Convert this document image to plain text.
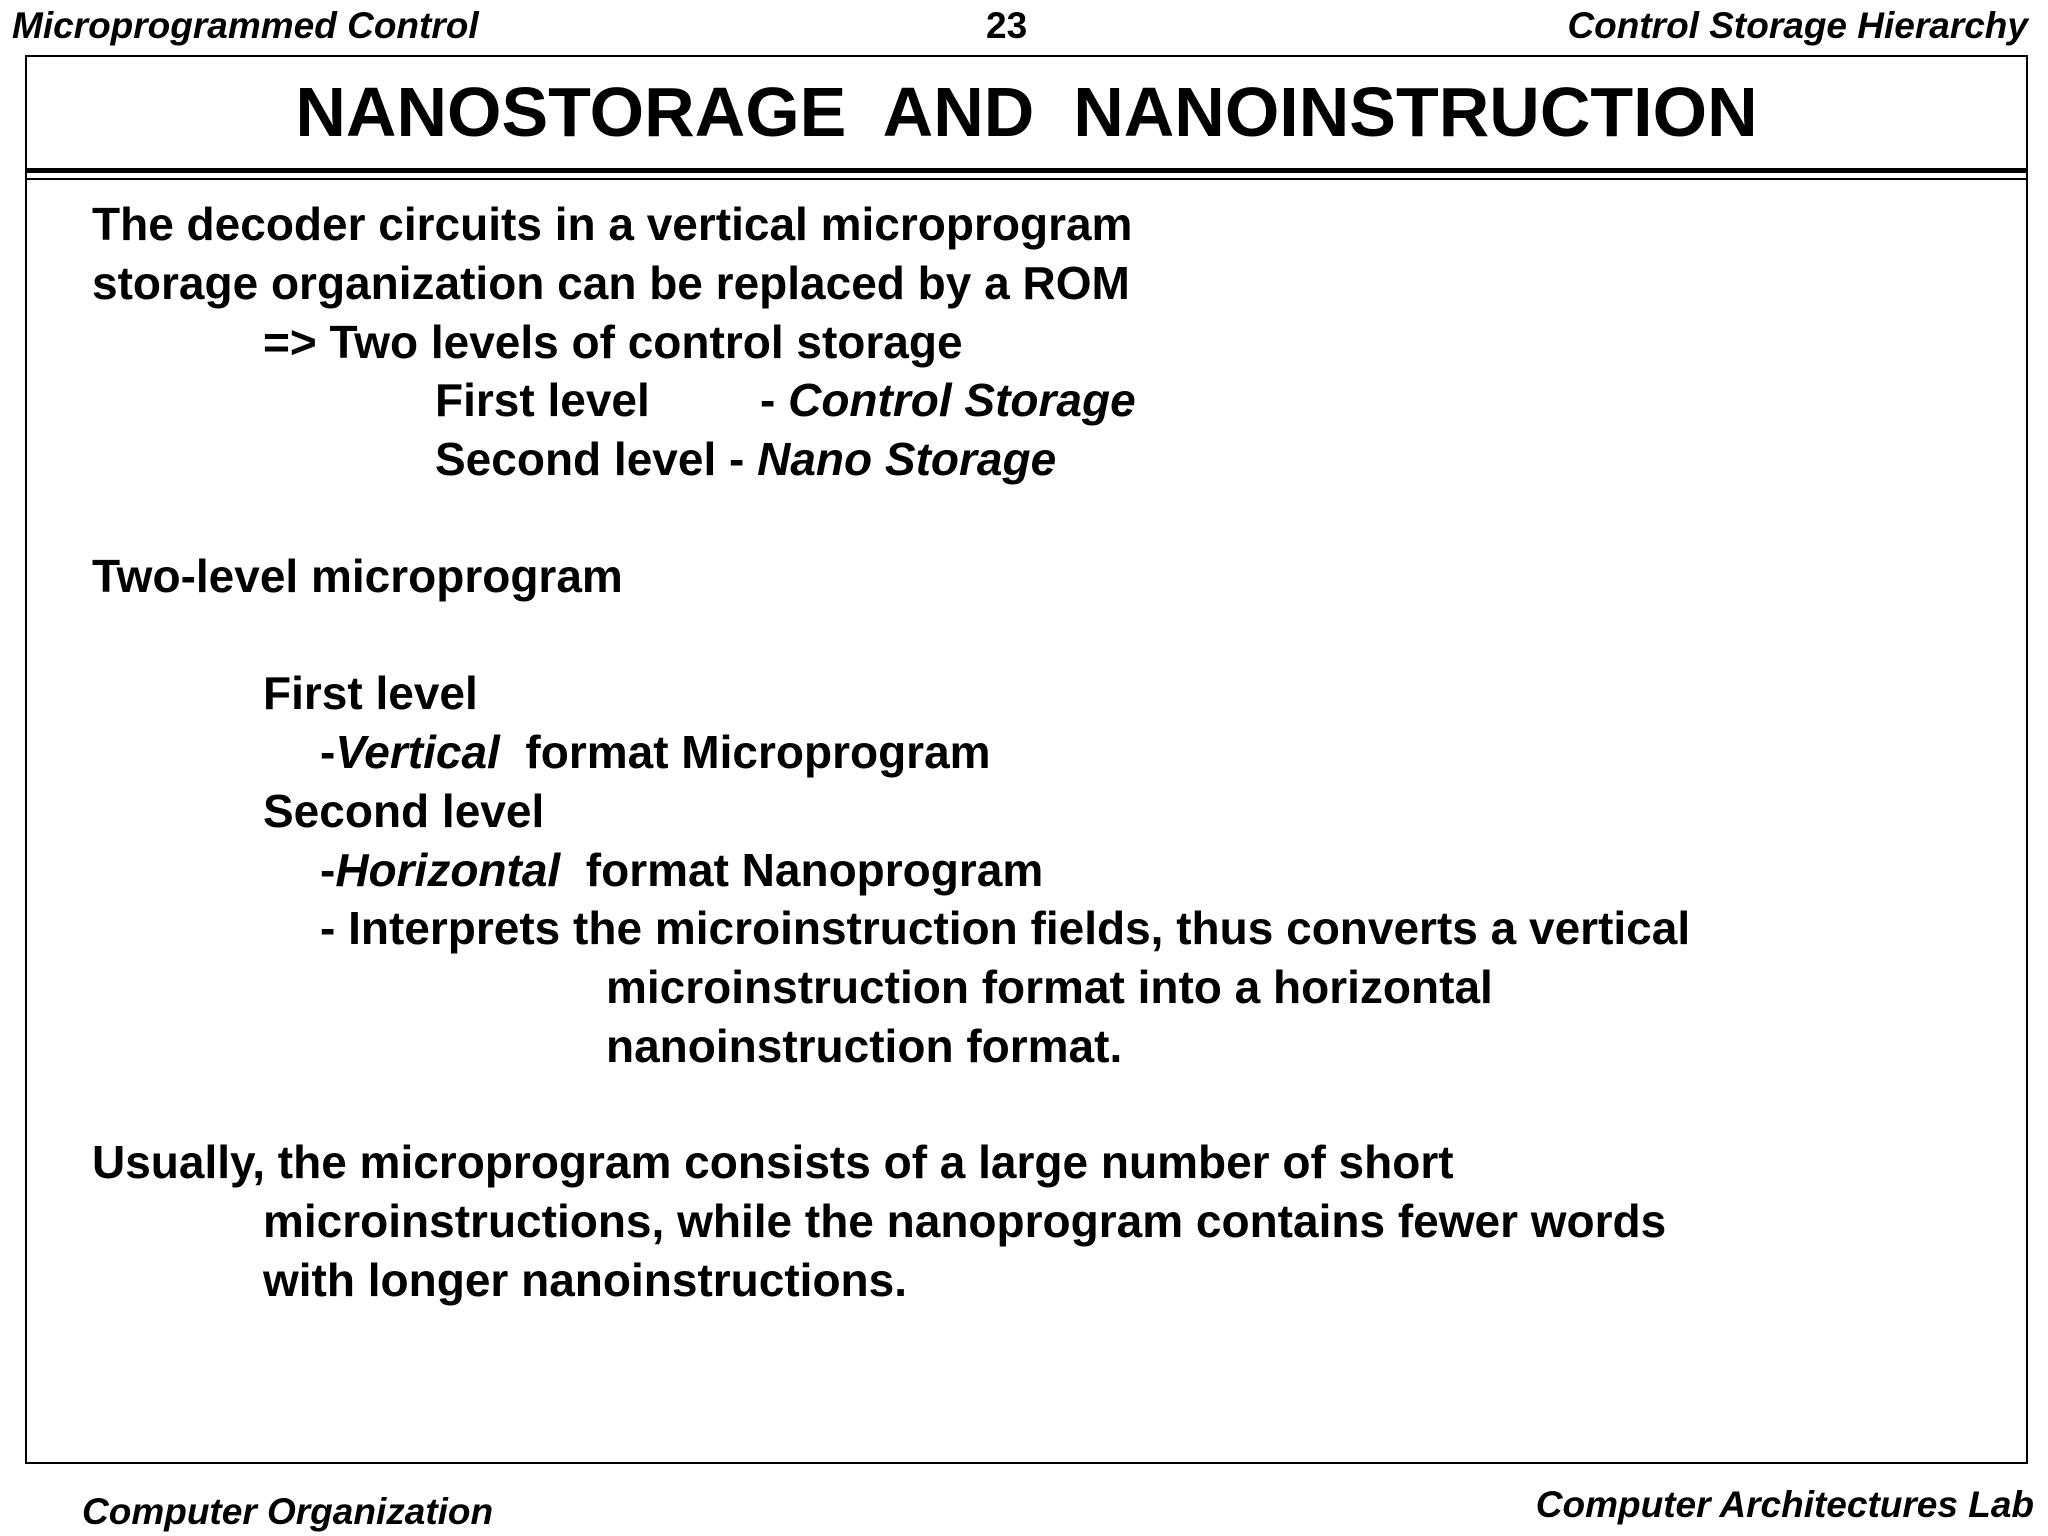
Microprogrammed Control	23	Control Storage Hierarchy
NANOSTORAGE  AND  NANOINSTRUCTION
The decoder circuits in a vertical microprogram
storage organization can be replaced by a ROM
=> Two levels of control storage
First level - Control Storage
Second level - Nano Storage
Two-level microprogram
First level
-Vertical  format Microprogram
Second level
-Horizontal  format Nanoprogram
- Interprets the microinstruction fields, thus converts a vertical
microinstruction format into a horizontal
nanoinstruction format.
Usually, the microprogram consists of a large number of short
microinstructions, while the nanoprogram contains fewer words
with longer nanoinstructions.
Computer Organization	Computer Architectures Lab
